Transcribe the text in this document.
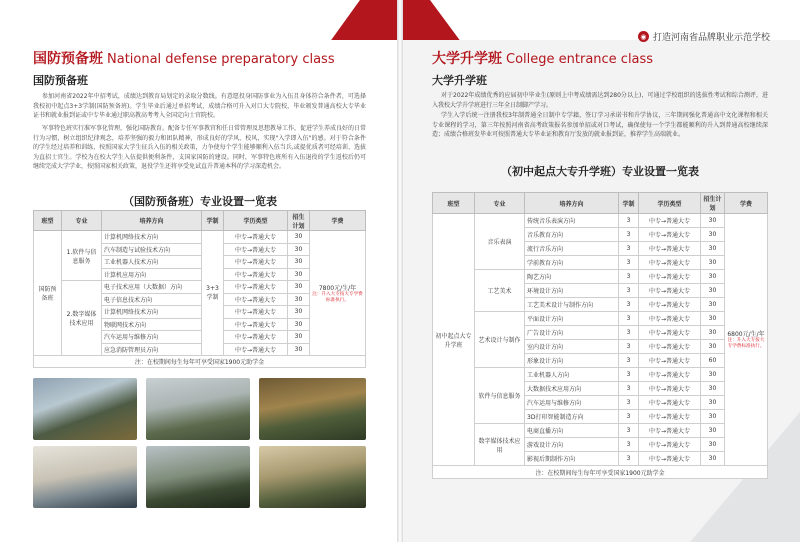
国防预备班 National defense preparatory class
国防预备班
参加河南省2022年中招考试，成绩达到教育局划定的录取分数线。有意愿投身国防事业为入伍且身体符合条件者，可选择我校初中起点3+3学制(国防预备班)。学生毕业后通过单招考试，成绩合格可升入对口大专院校，毕业颁发普通高校大专毕业证书和就业报到证或中专毕业通过职高教高考考入全国定向士官院校。
军事特色班实行准军事化管理，强化国防教育。配备专任军事教官和任日常管理及思想教导工作，促进学生养成良好的日常行为习惯，树立组织纪律观念，培养坚强的毅力和团队精神，形成良好的学风、校风，实现"入学即入伍"的感。对于符合条件的学生经过培养和训练，按照国家大学生征兵入伍的相关政策，力争使每个学生能够顺利入伍当兵,或提优质者可经培训、选拔为直招士官生。学校为在校大学生入伍提供便利条件，支国家国防的建设。同时，军事特色班所有入伍退役的学生返校后仍可继续完成大学学业，按照国家相关政策，退役学生还将享受免试直升普通本科的学习深造机会。
（国防预备班）专业设置一览表
班型	专业	培养方向	学制	学历类型	招生计划	学费
国防预备班	1.软件与信息服务	计算机网络技术方向	3+3学制	中专→普通大专	30	7800元/生/年
注：升入大专按大专学费标准执行。

		汽车制造与试验技术方向		中专→普通大专	30	
		工业机器人技术方向		中专→普通大专	30	
		计算机应用方向		中专→普通大专	30	
	2.数字媒体技术应用	电子技术应用（大数据）方向		中专→普通大专	30	
		电子信息技术方向		中专→普通大专	30	
		计算机网络技术方向		中专→普通大专	30	
		物联网技术方向		中专→普通大专	30	
		汽车运用与维修方向		中专→普通大专	30	
		应急消防管理员方向		中专→普通大专	30	
注：在校期间每生每年可享受国家1900元助学金						
◉ 打造河南省品牌职业示范学校
大学升学班 College entrance class
大学升学班
对于2022年成绩优秀的应届初中毕业生(原则上中考成绩需达到280分以上)，可通过学校组织的选拔性考试和综合测评，进入我校大学升学班进行三年全日制脚产学习。
学生入学后统一注册我校3年制普通全日制中专学籍，签订学习承诺书和升学协议，三年期间强化普通高中文化课程和相关专业课程的学习，第三年按照河南省高考政策报名参加单招或对口考试，确保使每一个学生都能顺利的升入到普通高校继续深造；成绩合格班发毕业可按照普通大专毕业证和教育厅发放的就业报到证，推荐学生高端就业。
（初中起点大专升学班）专业设置一览表
班型	专业	培养方向	学制	学历类型	招生计划	学费
初中起点大专升学班	音乐表演	传统音乐表演方向	3	中专→普通大专	30	6800元/生/年
注：升入大专按大专学费标准执行。

		音乐教育方向	3	中专→普通大专	30	
		流行音乐方向	3	中专→普通大专	30	
		学前教育方向	3	中专→普通大专	30	
	工艺美术	陶艺方向	3	中专→普通大专	30	
		环境设计方向	3	中专→普通大专	30	
		工艺美术设计与制作方向	3	中专→普通大专	30	
	艺术设计与制作	平面设计方向	3	中专→普通大专	30	
		广告设计方向	3	中专→普通大专	30	
		室内设计方向	3	中专→普通大专	30	
		形象设计方向	3	中专→普通大专	60	
	软件与信息服务	工业机器人方向	3	中专→普通大专	30	
		大数据技术应用方向	3	中专→普通大专	30	
		汽车运用与维修方向	3	中专→普通大专	30	
		3D打印智能制造方向	3	中专→普通大专	30	
	数字媒体技术应用	电商直播方向	3	中专→普通大专	30	
		游戏设计方向	3	中专→普通大专	30	
		影视后期制作方向	3	中专→普通大专	30	
注：在校期间每生每年可享受国家1900元助学金						
